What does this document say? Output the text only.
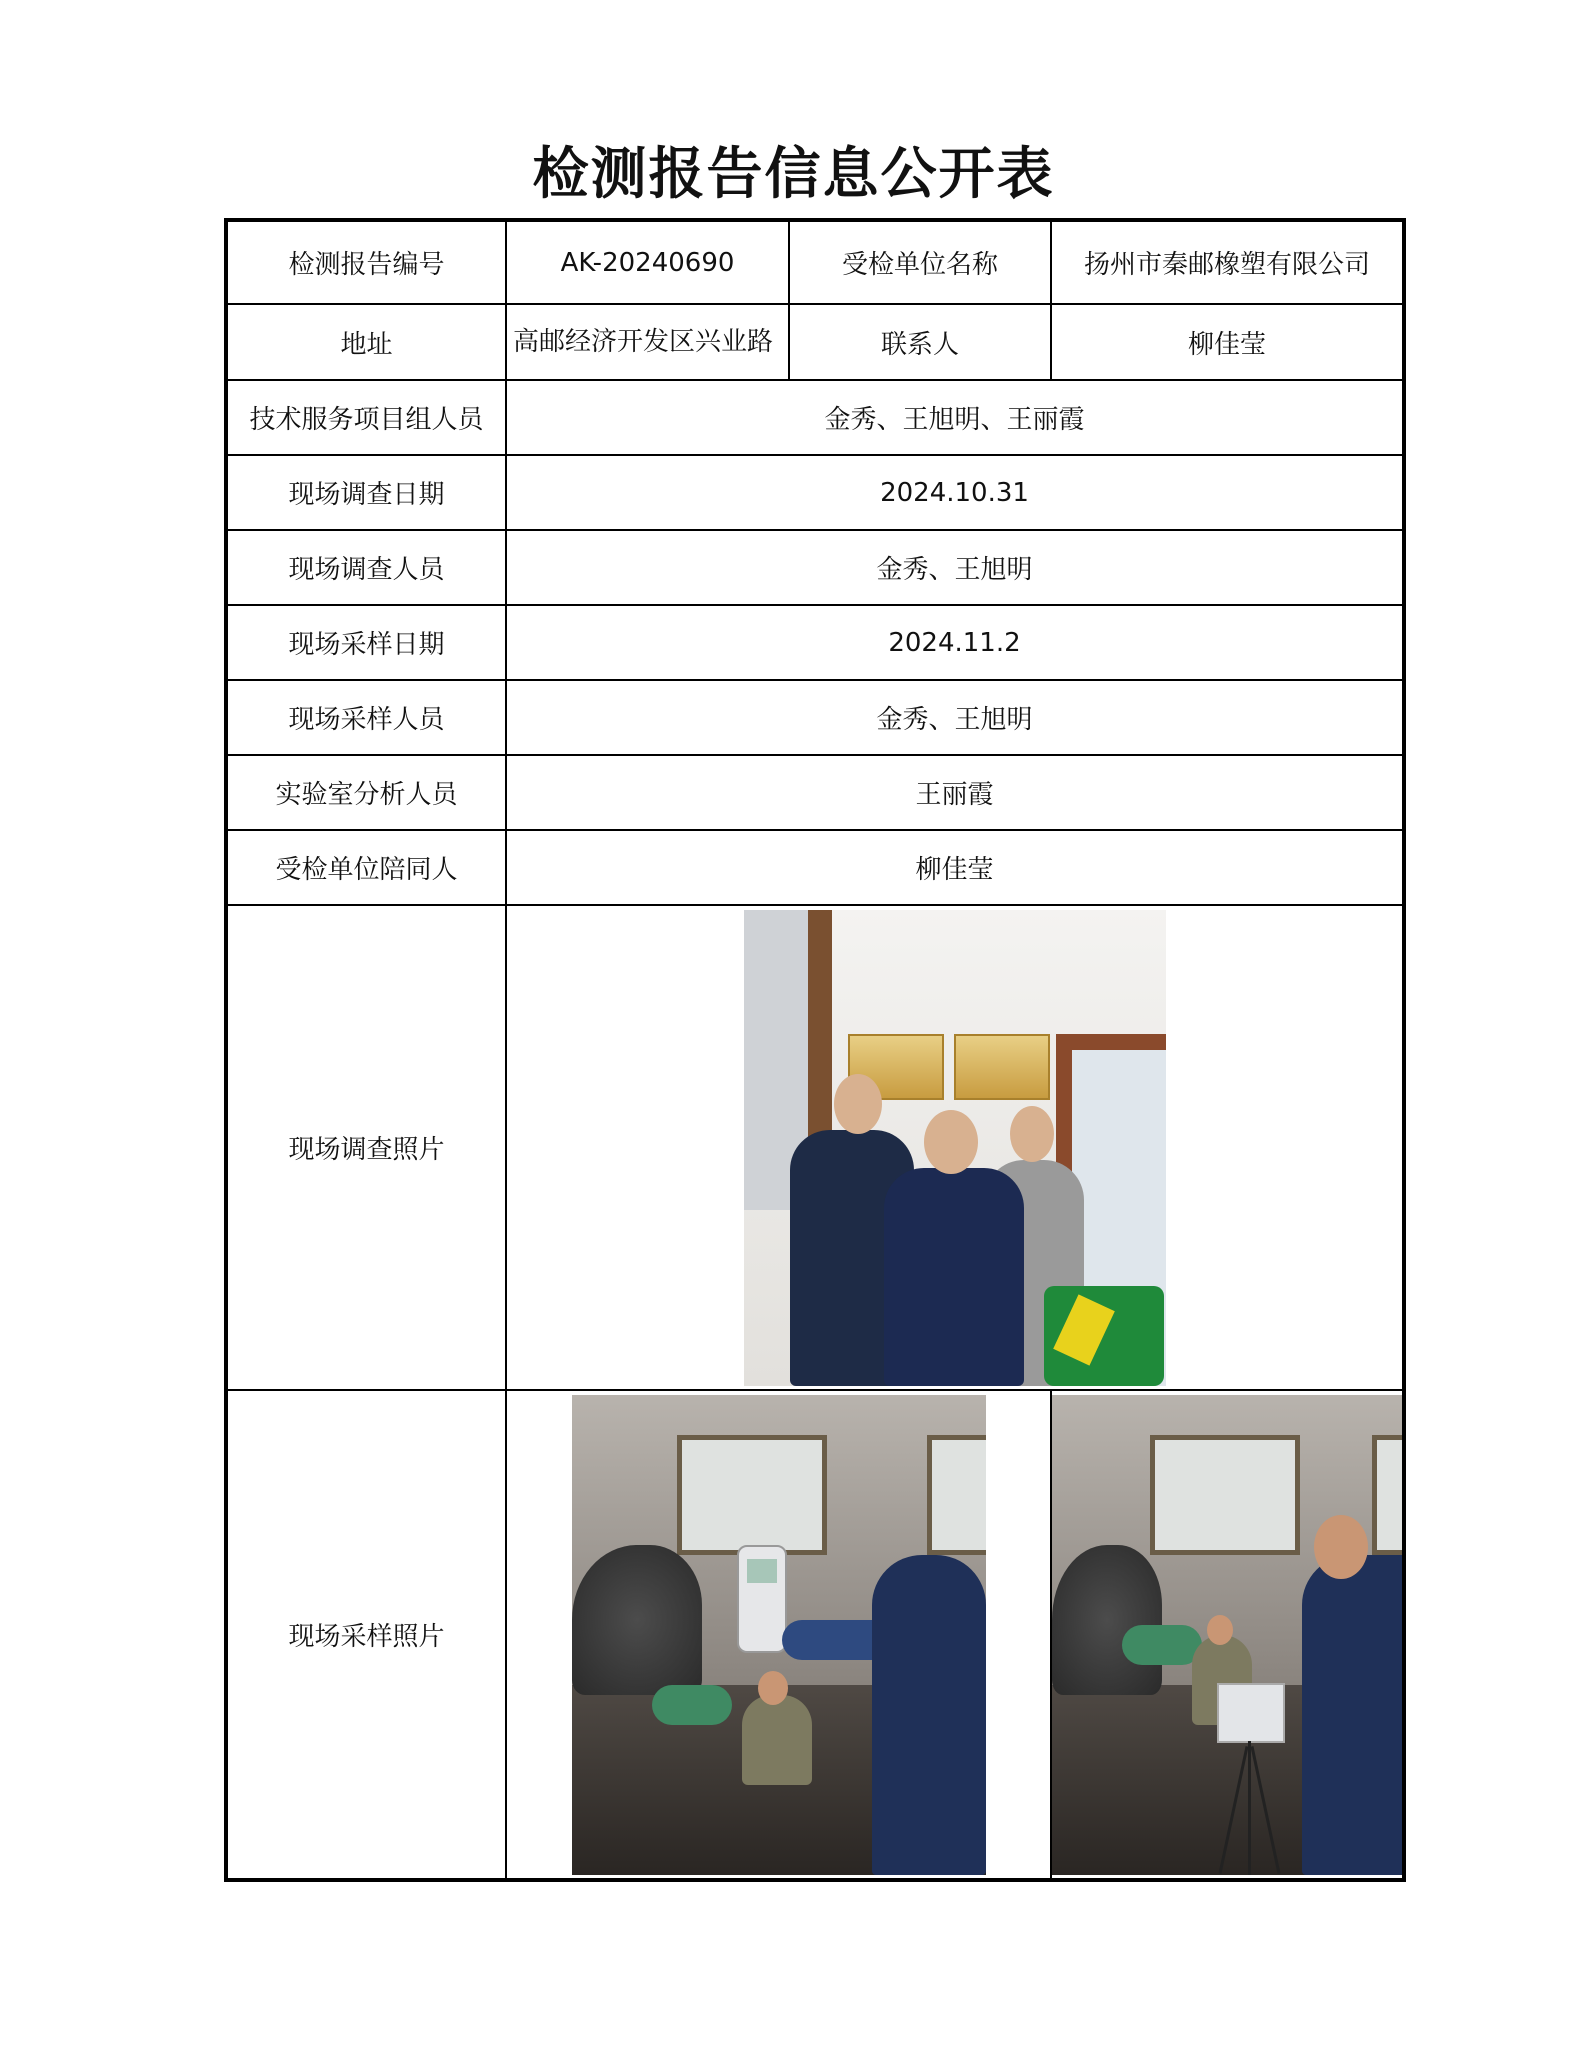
检测报告信息公开表
检测报告编号	AK-20240690	受检单位名称	扬州市秦邮橡塑有限公司
地址	高邮经济开发区兴业路	联系人	柳佳莹
技术服务项目组人员	金秀、王旭明、王丽霞		
现场调查日期	2024.10.31		
现场调查人员	金秀、王旭明		
现场采样日期	2024.11.2		
现场采样人员	金秀、王旭明		
实验室分析人员	王丽霞		
受检单位陪同人	柳佳莹		
现场调查照片			

现场采样照片		
